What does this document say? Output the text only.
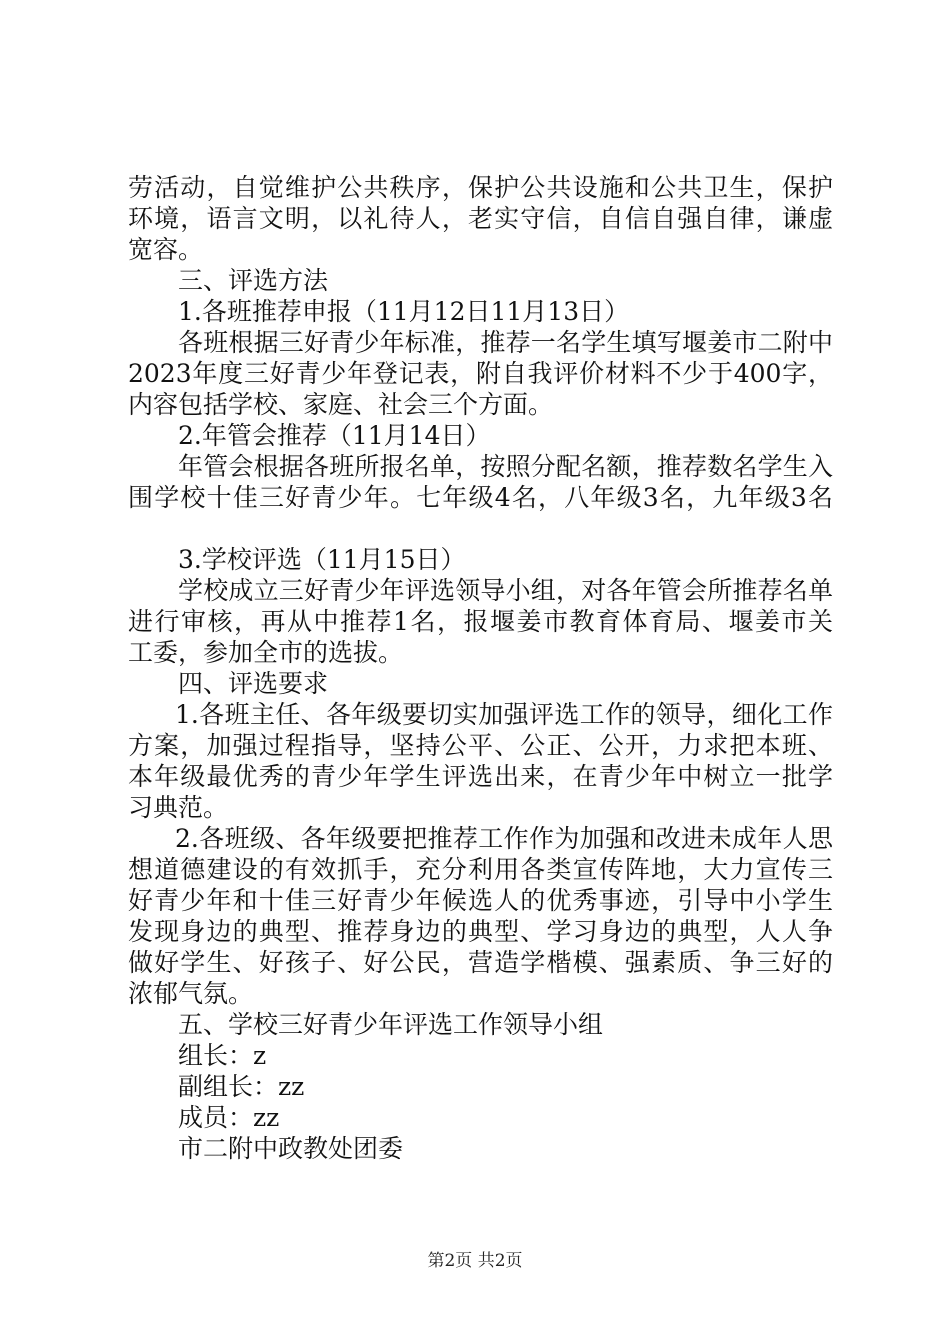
劳活动，自觉维护公共秩序，保护公共设施和公共卫生，保护
环境，语言文明，以礼待人，老实守信，自信自强自律，谦虚
宽容。
三、评选方法
1.各班推荐申报（11月12日11月13日）
各班根据三好青少年标准，推荐一名学生填写堰姜市二附中
2023年度三好青少年登记表，附自我评价材料不少于400字，
内容包括学校、家庭、社会三个方面。
2.年管会推荐（11月14日）
年管会根据各班所报名单，按照分配名额，推荐数名学生入
围学校十佳三好青少年。七年级4名，八年级3名，九年级3名
3.学校评选（11月15日）
学校成立三好青少年评选领导小组，对各年管会所推荐名单
进行审核，再从中推荐1名，报堰姜市教育体育局、堰姜市关
工委，参加全市的选拔。
四、评选要求
1.各班主任、各年级要切实加强评选工作的领导，细化工作
方案，加强过程指导，坚持公平、公正、公开，力求把本班、
本年级最优秀的青少年学生评选出来，在青少年中树立一批学
习典范。
2.各班级、各年级要把推荐工作作为加强和改进未成年人思
想道德建设的有效抓手，充分利用各类宣传阵地，大力宣传三
好青少年和十佳三好青少年候选人的优秀事迹，引导中小学生
发现身边的典型、推荐身边的典型、学习身边的典型，人人争
做好学生、好孩子、好公民，营造学楷模、强素质、争三好的
浓郁气氛。
五、学校三好青少年评选工作领导小组
组长：z
副组长：zz
成员：zz
市二附中政教处团委
第2页 共2页
